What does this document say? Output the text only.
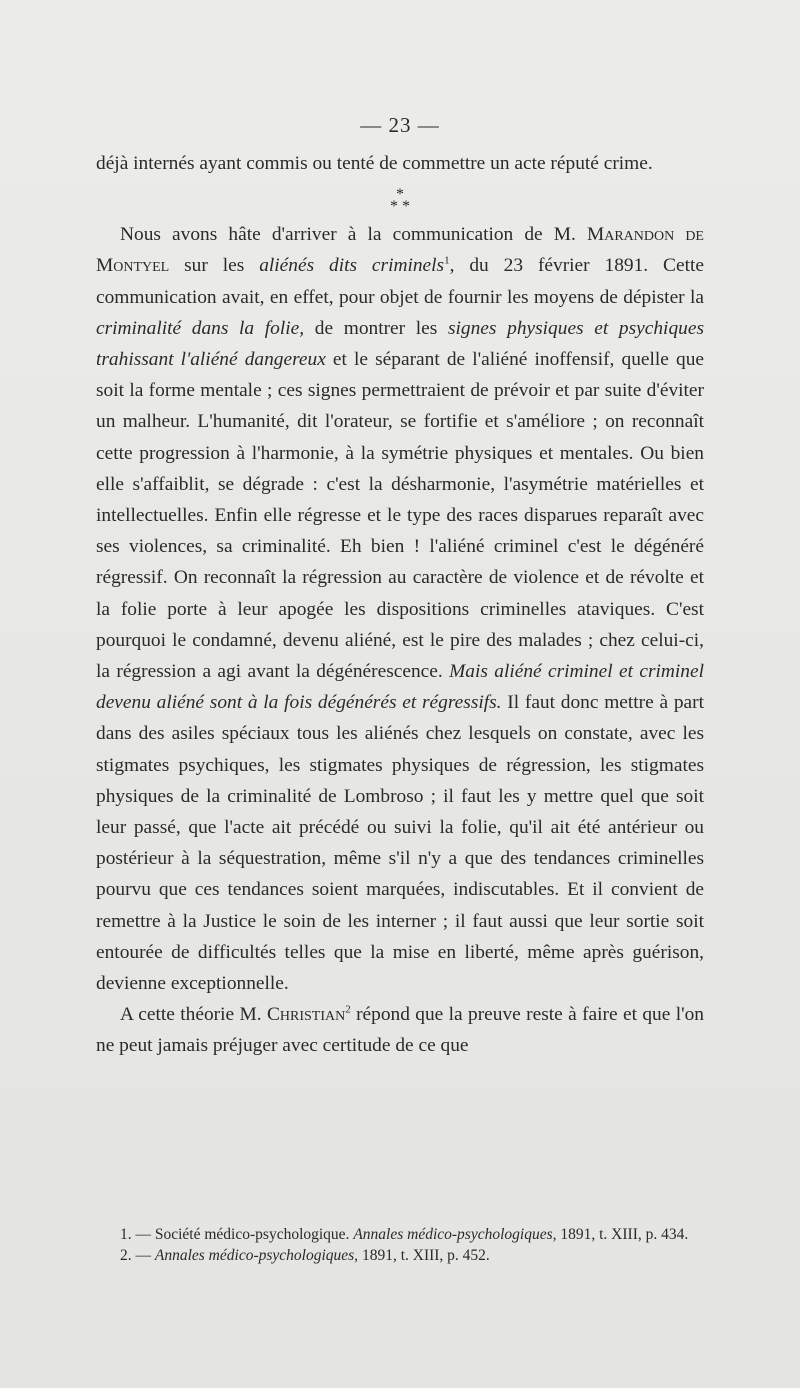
— 23 —

déjà internés ayant commis ou tenté de commettre un acte réputé crime.

*
* *

Nous avons hâte d'arriver à la communication de M. Marandon de Montyel sur les aliénés dits criminels$^1$, du 23 février 1891. Cette communication avait, en effet, pour objet de fournir les moyens de dépister la criminalité dans la folie, de montrer les signes physiques et psychiques trahissant l'aliéné dangereux et le séparant de l'aliéné inoffensif, quelle que soit la forme mentale ; ces signes permettraient de prévoir et par suite d'éviter un malheur. L'humanité, dit l'orateur, se fortifie et s'améliore ; on reconnaît cette progression à l'harmonie, à la symétrie physiques et mentales. Ou bien elle s'affaiblit, se dégrade : c'est la désharmonie, l'asymétrie matérielles et intellectuelles. Enfin elle régresse et le type des races disparues reparaît avec ses violences, sa criminalité. Eh bien ! l'aliéné criminel c'est le dégénéré régressif. On reconnaît la régression au caractère de violence et de révolte et la folie porte à leur apogée les dispositions criminelles ataviques. C'est pourquoi le condamné, devenu aliéné, est le pire des malades ; chez celui-ci, la régression a agi avant la dégénérescence. Mais aliéné criminel et criminel devenu aliéné sont à la fois dégénérés et régressifs. Il faut donc mettre à part dans des asiles spéciaux tous les aliénés chez lesquels on constate, avec les stigmates psychiques, les stigmates physiques de régression, les stigmates physiques de la criminalité de Lombroso ; il faut les y mettre quel que soit leur passé, que l'acte ait précédé ou suivi la folie, qu'il ait été antérieur ou postérieur à la séquestration, même s'il n'y a que des tendances criminelles pourvu que ces tendances soient marquées, indiscutables. Et il convient de remettre à la Justice le soin de les interner ; il faut aussi que leur sortie soit entourée de difficultés telles que la mise en liberté, même après guérison, devienne exceptionnelle.

A cette théorie M. Christian$^2$ répond que la preuve reste à faire et que l'on ne peut jamais préjuger avec certitude de ce que

1. — Société médico-psychologique. Annales médico-psychologiques, 1891, t. XIII, p. 434.

2. — Annales médico-psychologiques, 1891, t. XIII, p. 452.
